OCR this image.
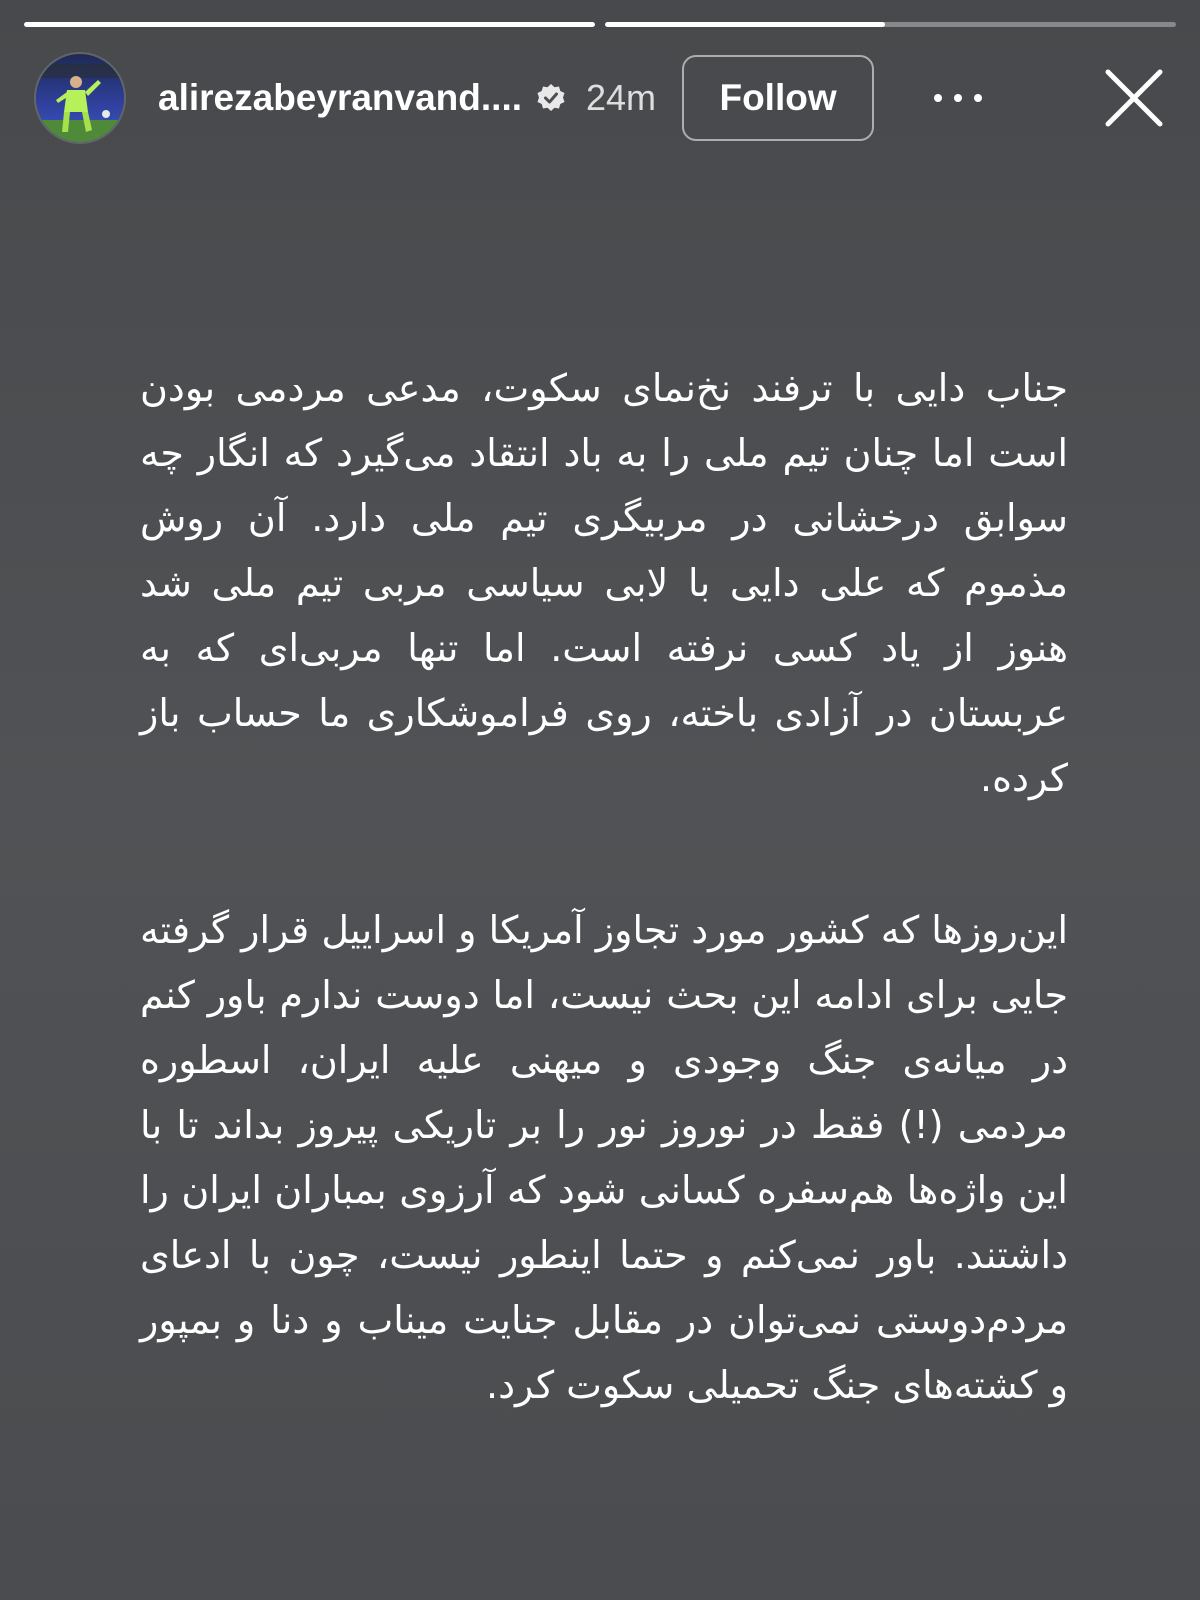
alirezabeyranvand.... 24m	Follow
جناب دایی با ترفند نخ‌نمای سکوت، مدعی مردمی بودن است اما چنان تیم ملی را به باد انتقاد می‌گیرد که انگار چه سوابق درخشانی در مربیگری تیم ملی دارد. آن روش مذموم که علی دایی با لابی سیاسی مربی تیم ملی شد هنوز از یاد کسی نرفته است. اما تنها مربی‌ای که به عربستان در آزادی باخته، روی فراموشکاری ما حساب باز کرده.
این‌روزها که کشور مورد تجاوز آمریکا و اسراییل قرار گرفته جایی برای ادامه این بحث نیست، اما دوست ندارم باور کنم در میانه‌ی جنگ وجودی و میهنی علیه ایران، اسطوره مردمی (!) فقط در نوروز نور را بر تاریکی پیروز بداند تا با این واژه‌ها هم‌سفره کسانی شود که آرزوی بمباران ایران را داشتند. باور نمی‌کنم و حتما اینطور نیست، چون با ادعای مردم‌دوستی نمی‌توان در مقابل جنایت میناب و دنا و بمپور و کشته‌های جنگ تحمیلی سکوت کرد.
